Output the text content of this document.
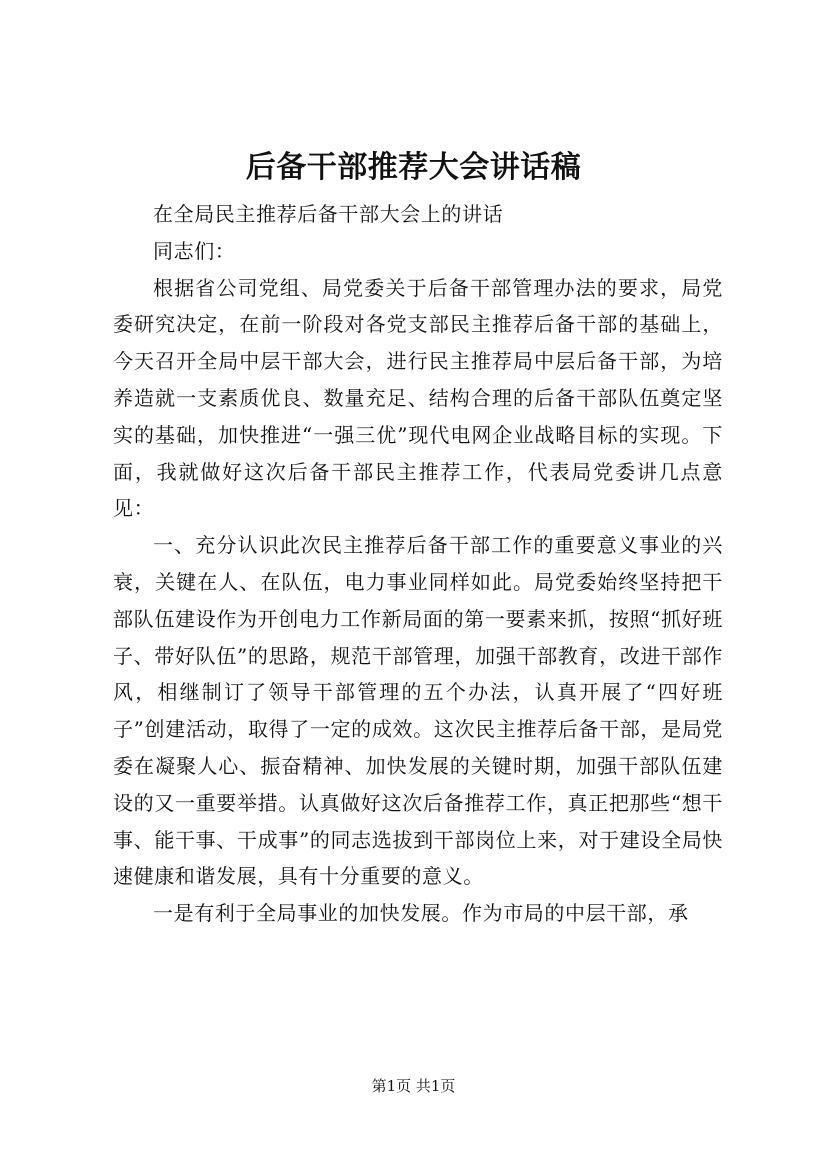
后备干部推荐大会讲话稿

在全局民主推荐后备干部大会上的讲话

同志们：

根据省公司党组、局党委关于后备干部管理办法的要求，局党委研究决定，在前一阶段对各党支部民主推荐后备干部的基础上，今天召开全局中层干部大会，进行民主推荐局中层后备干部，为培养造就一支素质优良、数量充足、结构合理的后备干部队伍奠定坚实的基础，加快推进“一强三优”现代电网企业战略目标的实现。下面，我就做好这次后备干部民主推荐工作，代表局党委讲几点意见：

一、充分认识此次民主推荐后备干部工作的重要意义事业的兴衰，关键在人、在队伍，电力事业同样如此。局党委始终坚持把干部队伍建设作为开创电力工作新局面的第一要素来抓，按照“抓好班子、带好队伍”的思路，规范干部管理，加强干部教育，改进干部作风，相继制订了领导干部管理的五个办法，认真开展了“四好班子”创建活动，取得了一定的成效。这次民主推荐后备干部，是局党委在凝聚人心、振奋精神、加快发展的关键时期，加强干部队伍建设的又一重要举措。认真做好这次后备推荐工作，真正把那些“想干事、能干事、干成事”的同志选拔到干部岗位上来，对于建设全局快速健康和谐发展，具有十分重要的意义。

一是有利于全局事业的加快发展。作为市局的中层干部，承

第1页 共1页
